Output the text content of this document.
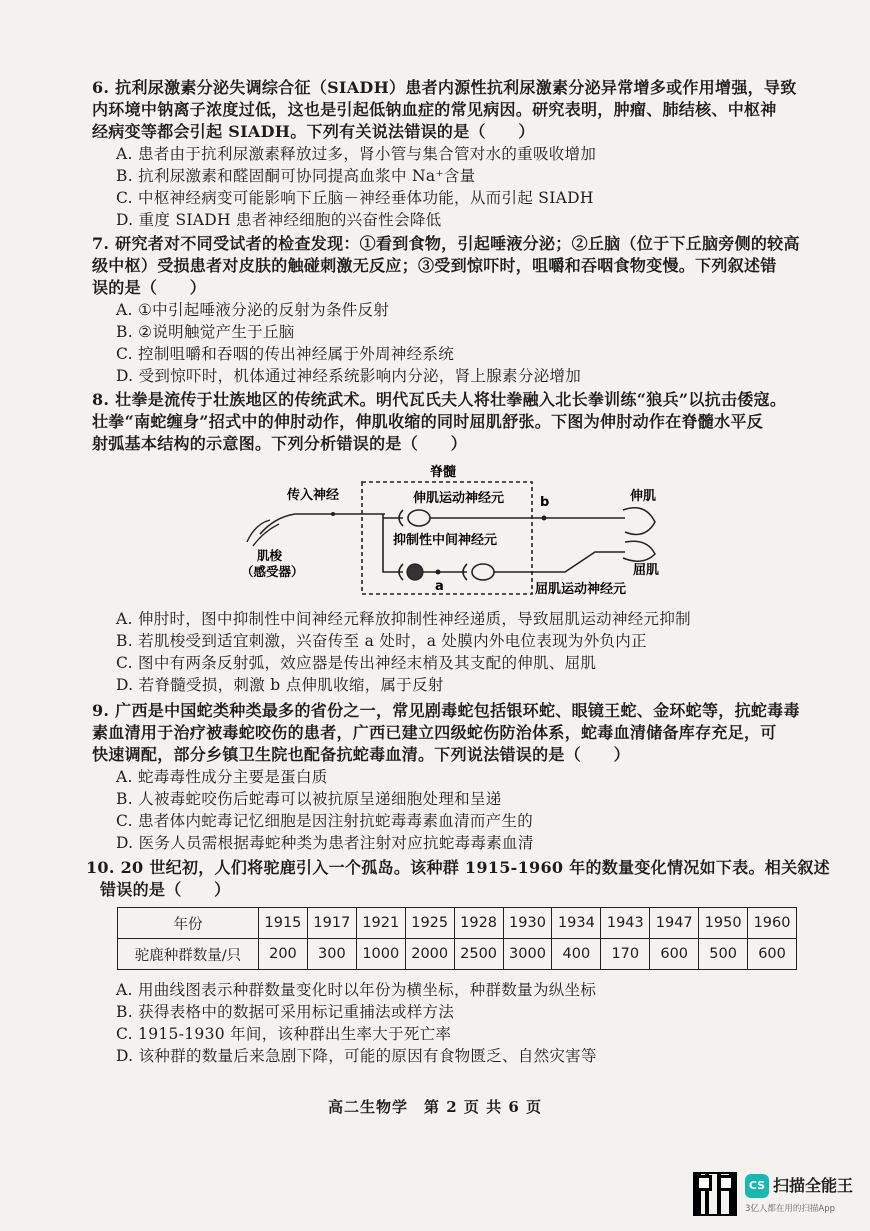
6. 抗利尿激素分泌失调综合征（SIADH）患者内源性抗利尿激素分泌异常增多或作用增强，导致
内环境中钠离子浓度过低，这也是引起低钠血症的常见病因。研究表明，肿瘤、肺结核、中枢神
经病变等都会引起 SIADH。下列有关说法错误的是（　　）
A. 患者由于抗利尿激素释放过多，肾小管与集合管对水的重吸收增加
B. 抗利尿激素和醛固酮可协同提高血浆中 Na⁺含量
C. 中枢神经病变可能影响下丘脑－神经垂体功能，从而引起 SIADH
D. 重度 SIADH 患者神经细胞的兴奋性会降低
7. 研究者对不同受试者的检查发现：①看到食物，引起唾液分泌；②丘脑（位于下丘脑旁侧的较高
级中枢）受损患者对皮肤的触碰刺激无反应；③受到惊吓时，咀嚼和吞咽食物变慢。下列叙述错
误的是（　　）
A. ①中引起唾液分泌的反射为条件反射
B. ②说明触觉产生于丘脑
C. 控制咀嚼和吞咽的传出神经属于外周神经系统
D. 受到惊吓时，机体通过神经系统影响内分泌，肾上腺素分泌增加
8. 壮拳是流传于壮族地区的传统武术。明代瓦氏夫人将壮拳融入北长拳训练“狼兵”以抗击倭寇。
壮拳“南蛇缠身”招式中的伸肘动作，伸肌收缩的同时屈肌舒张。下图为伸肘动作在脊髓水平反
射弧基本结构的示意图。下列分析错误的是（　　）
脊髓
传入神经
肌梭
（感受器）
伸肌运动神经元	b
抑制性中间神经元
a	屈肌运动神经元
伸肌
屈肌
A. 伸肘时，图中抑制性中间神经元释放抑制性神经递质，导致屈肌运动神经元抑制
B. 若肌梭受到适宜刺激，兴奋传至 a 处时，a 处膜内外电位表现为外负内正
C. 图中有两条反射弧，效应器是传出神经末梢及其支配的伸肌、屈肌
D. 若脊髓受损，刺激 b 点伸肌收缩，属于反射
9. 广西是中国蛇类种类最多的省份之一，常见剧毒蛇包括银环蛇、眼镜王蛇、金环蛇等，抗蛇毒毒
素血清用于治疗被毒蛇咬伤的患者，广西已建立四级蛇伤防治体系，蛇毒血清储备库存充足，可
快速调配，部分乡镇卫生院也配备抗蛇毒血清。下列说法错误的是（　　）
A. 蛇毒毒性成分主要是蛋白质
B. 人被毒蛇咬伤后蛇毒可以被抗原呈递细胞处理和呈递
C. 患者体内蛇毒记忆细胞是因注射抗蛇毒毒素血清而产生的
D. 医务人员需根据毒蛇种类为患者注射对应抗蛇毒毒素血清
10. 20 世纪初，人们将驼鹿引入一个孤岛。该种群 1915-1960 年的数量变化情况如下表。相关叙述
错误的是（　　）
年份	1915	1917	1921	1925	1928	1930	1934	1943	1947	1950	1960
驼鹿种群数量/只	200	300	1000	2000	2500	3000	400	170	600	500	600
A. 用曲线图表示种群数量变化时以年份为横坐标，种群数量为纵坐标
B. 获得表格中的数据可采用标记重捕法或样方法
C. 1915-1930 年间，该种群出生率大于死亡率
D. 该种群的数量后来急剧下降，可能的原因有食物匮乏、自然灾害等
高二生物学　第 2 页 共 6 页
CS 扫描全能王
3亿人都在用的扫描App
